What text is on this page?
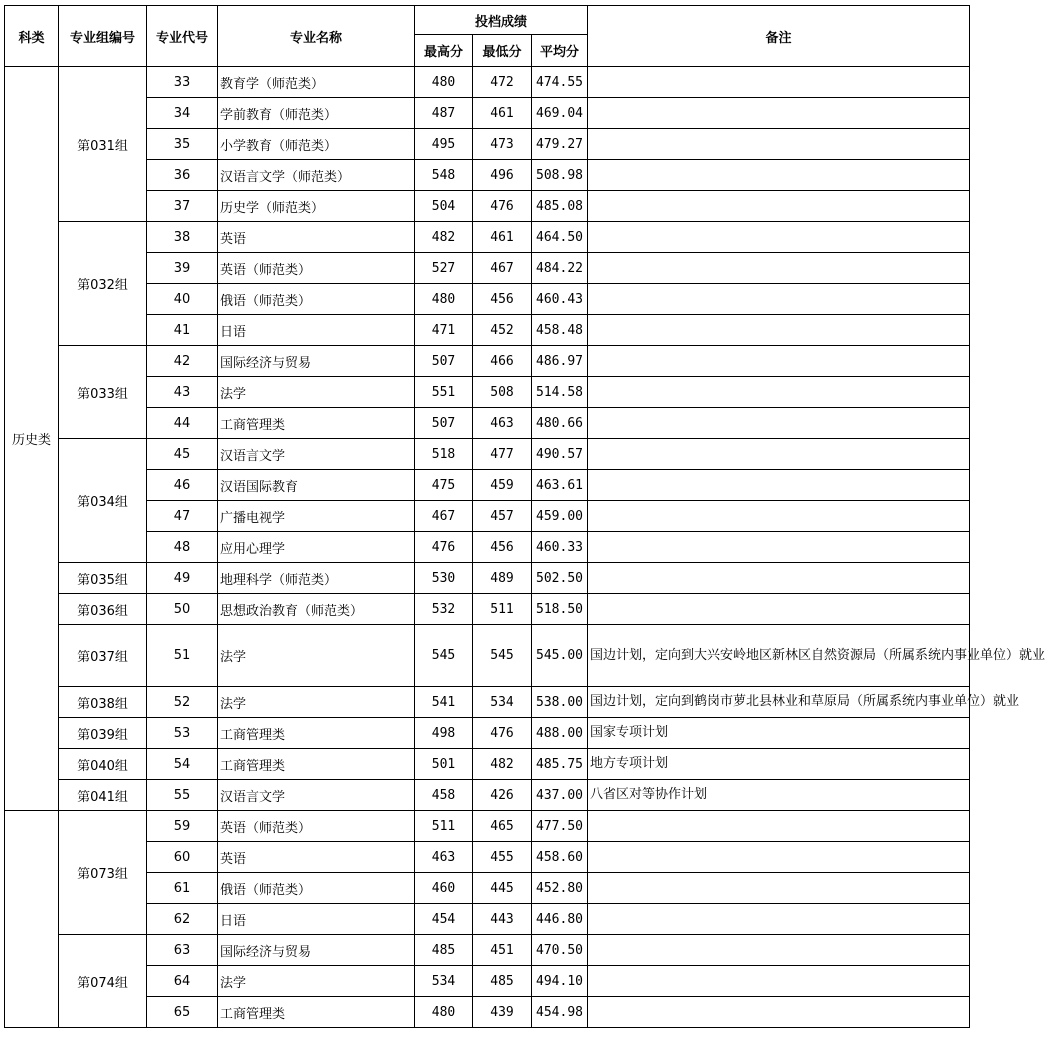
科类	专业组编号	专业代号	专业名称	投档成绩			备注
				最高分	最低分	平均分	
历史类	第031组	33	教育学（师范类）	480	472	474.55	
		34	学前教育（师范类）	487	461	469.04	
		35	小学教育（师范类）	495	473	479.27	
		36	汉语言文学（师范类）	548	496	508.98	
		37	历史学（师范类）	504	476	485.08	
	第032组	38	英语	482	461	464.50	
		39	英语（师范类）	527	467	484.22	
		40	俄语（师范类）	480	456	460.43	
		41	日语	471	452	458.48	
	第033组	42	国际经济与贸易	507	466	486.97	
		43	法学	551	508	514.58	
		44	工商管理类	507	463	480.66	
	第034组	45	汉语言文学	518	477	490.57	
		46	汉语国际教育	475	459	463.61	
		47	广播电视学	467	457	459.00	
		48	应用心理学	476	456	460.33	
	第035组	49	地理科学（师范类）	530	489	502.50	
	第036组	50	思想政治教育（师范类）	532	511	518.50	
	第037组	51	法学	545	545	545.00	国边计划，定向到大兴安岭地区新林区自然资源局（所属系统内事业单位）就业
	第038组	52	法学	541	534	538.00	国边计划，定向到鹤岗市萝北县林业和草原局（所属系统内事业单位）就业
	第039组	53	工商管理类	498	476	488.00	国家专项计划
	第040组	54	工商管理类	501	482	485.75	地方专项计划
	第041组	55	汉语言文学	458	426	437.00	八省区对等协作计划
	第073组	59	英语（师范类）	511	465	477.50	
		60	英语	463	455	458.60	
		61	俄语（师范类）	460	445	452.80	
		62	日语	454	443	446.80	
	第074组	63	国际经济与贸易	485	451	470.50	
		64	法学	534	485	494.10	
		65	工商管理类	480	439	454.98	
